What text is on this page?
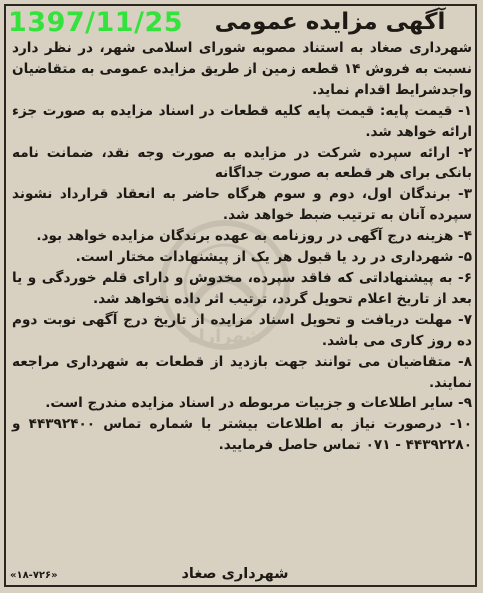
شهرآراه
1397/11/25	آگهی مزایده عمومی

شهرداری صغاد به استناد مصوبه شورای اسلامی شهر، در نظر دارد نسبت به فروش ۱۴ قطعه زمین از طریق مزایده عمومی به متقاضیان واجدشرایط اقدام نماید.

۱- قیمت پایه: قیمت پایه کلیه قطعات در اسناد مزایده به صورت جزء ارائه خواهد شد.

۲- ارائه سپرده شرکت در مزایده به صورت وجه نقد، ضمانت نامه بانکی برای هر قطعه به صورت جداگانه

۳- برندگان اول، دوم و سوم هرگاه حاضر به انعقاد قرارداد نشوند سپرده آنان به ترتیب ضبط خواهد شد.

۴- هزینه درج آگهی در روزنامه به عهده برندگان مزایده خواهد بود.

۵- شهرداری در رد یا قبول هر یک از پیشنهادات مختار است.

۶- به پیشنهاداتی که فاقد سپرده، مخدوش و دارای قلم خوردگی و یا بعد از تاریخ اعلام تحویل گردد، ترتیب اثر داده نخواهد شد.

۷- مهلت دریافت و تحویل اسناد مزایده از تاریخ درج آگهی نوبت دوم ده روز کاری می باشد.

۸- متقاضیان می توانند جهت بازدید از قطعات به شهرداری مراجعه نمایند.

۹- سایر اطلاعات و جزییات مربوطه در اسناد مزایده مندرج است.

۱۰- درصورت نیاز به اطلاعات بیشتر با شماره تماس ۴۴۳۹۲۴۰۰ و ۴۴۳۹۲۲۸۰ - ۰۷۱ تماس حاصل فرمایید.

شهرداری صغاد
«۱۸-۷۲۶»
